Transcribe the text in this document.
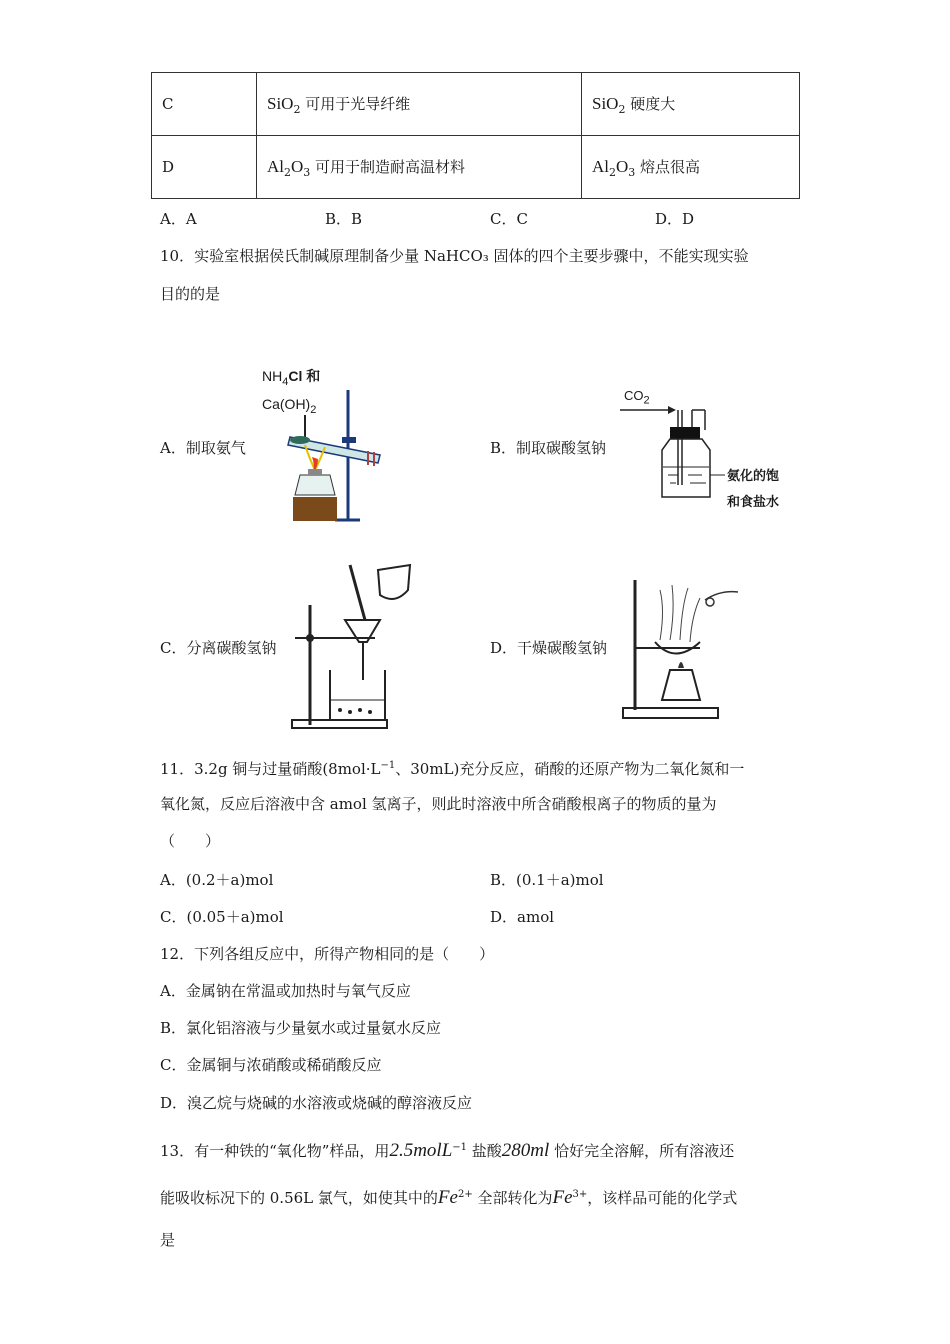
C	SiO$_2$ 可用于光导纤维	SiO$_2$ 硬度大
D	$Al_2O_3$ 可用于制造耐高温材料	$Al_2O_3$ 熔点很高
A．A	B．B	C．C	D．D
10．实验室根据侯氏制碱原理制备少量 NaHCO₃ 固体的四个主要步骤中，不能实现实验
目的的是
A．制取氨气	B．制取碳酸氢钠
C．分离碳酸氢钠	D．干燥碳酸氢钠
$NH_4Cl$ 和
$Ca(OH)_2$
$CO_2$
氨化的饱
和食盐水
11．3.2g 铜与过量硝酸($8mol\cdot L^{-1}$、30mL)充分反应，硝酸的还原产物为二氧化氮和一
氧化氮，反应后溶液中含 amol 氢离子，则此时溶液中所含硝酸根离子的物质的量为
（　　）
A．(0.2＋a)mol	B．(0.1＋a)mol
C．(0.05＋a)mol	D．amol
12．下列各组反应中，所得产物相同的是（　　）
A．金属钠在常温或加热时与氧气反应
B．氯化铝溶液与少量氨水或过量氨水反应
C．金属铜与浓硝酸或稀硝酸反应
D．溴乙烷与烧碱的水溶液或烧碱的醇溶液反应
13．有一种铁的“氧化物”样品，用2.5molL$^{-1}$ 盐酸280ml 恰好完全溶解，所有溶液还
能吸收标况下的 0.56L 氯气，如使其中的$Fe^{2+}$ 全部转化为$Fe^{3+}$，该样品可能的化学式
是
